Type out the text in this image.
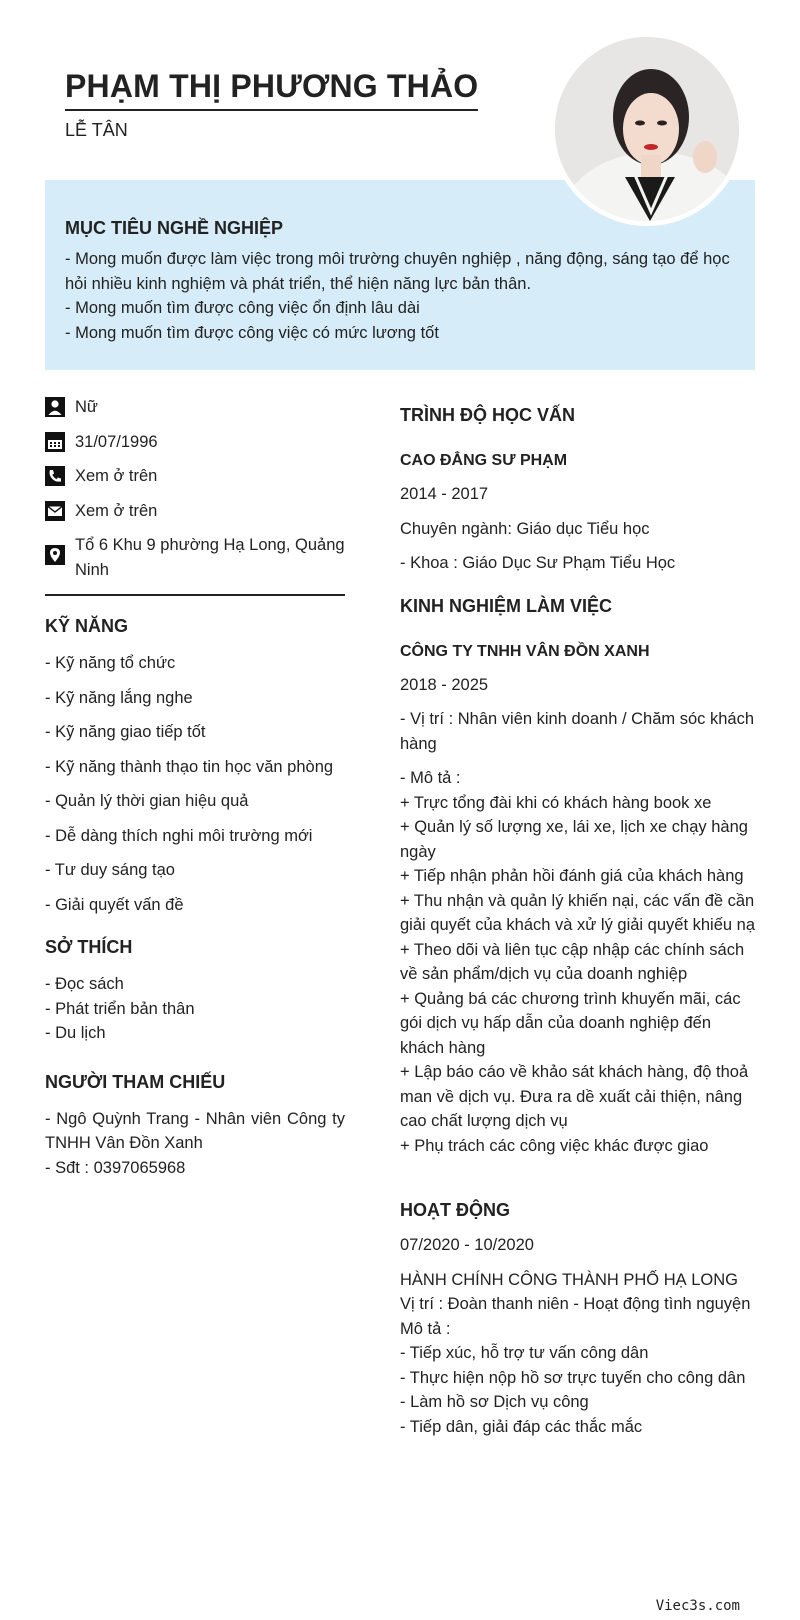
PHẠM THỊ PHƯƠNG THẢO
LỄ TÂN
MỤC TIÊU NGHỀ NGHIỆP

- Mong muốn được làm việc trong môi trường chuyên nghiệp , năng động, sáng tạo để học hỏi nhiều kinh nghiệm và phát triển, thể hiện năng lực bản thân.

- Mong muốn tìm được công việc ổn định lâu dài

- Mong muốn tìm được công việc có mức lương tốt

Nữ
31/07/1996
Xem ở trên
Xem ở trên
Tổ 6 Khu 9 phường Hạ Long, Quảng Ninh
KỸ NĂNG
- Kỹ năng tổ chức
- Kỹ năng lắng nghe
- Kỹ năng giao tiếp tốt
- Kỹ năng thành thạo tin học văn phòng
- Quản lý thời gian hiệu quả
- Dễ dàng thích nghi môi trường mới
- Tư duy sáng tạo
- Giải quyết vấn đề
SỞ THÍCH
- Đọc sách
- Phát triển bản thân
- Du lịch
NGƯỜI THAM CHIẾU
- Ngô Quỳnh Trang - Nhân viên Công ty TNHH Vân Đồn Xanh
- Sđt : 0397065968
TRÌNH ĐỘ HỌC VẤN
CAO ĐẲNG SƯ PHẠM
2014 - 2017
Chuyên ngành: Giáo dục Tiểu học
- Khoa : Giáo Dục Sư Phạm Tiểu Học
KINH NGHIỆM LÀM VIỆC
CÔNG TY TNHH VÂN ĐỒN XANH
2018 - 2025
- Vị trí : Nhân viên kinh doanh / Chăm sóc khách hàng
- Mô tả :
+ Trực tổng đài khi có khách hàng book xe
+ Quản lý số lượng xe, lái xe, lịch xe chạy hàng ngày
+ Tiếp nhận phản hồi đánh giá của khách hàng
+ Thu nhận và quản lý khiến nại, các vấn đề cần giải quyết của khách và xử lý giải quyết khiếu nạ
+ Theo dõi và liên tục cập nhập các chính sách về sản phẩm/dịch vụ của doanh nghiệp
+ Quảng bá các chương trình khuyến mãi, các gói dịch vụ hấp dẫn của doanh nghiệp đến khách hàng
+ Lập báo cáo về khảo sát khách hàng, độ thoả man về dịch vụ. Đưa ra dề xuất cải thiện, nâng cao chất lượng dịch vụ
+ Phụ trách các công việc khác được giao
HOẠT ĐỘNG
07/2020 - 10/2020
HÀNH CHÍNH CÔNG THÀNH PHỐ HẠ LONG
Vị trí : Đoàn thanh niên - Hoạt động tình nguyện
Mô tả :
- Tiếp xúc, hỗ trợ tư vấn công dân
- Thực hiện nộp hồ sơ trực tuyến cho công dân
- Làm hồ sơ Dịch vụ công
- Tiếp dân, giải đáp các thắc mắc
Viec3s.com
